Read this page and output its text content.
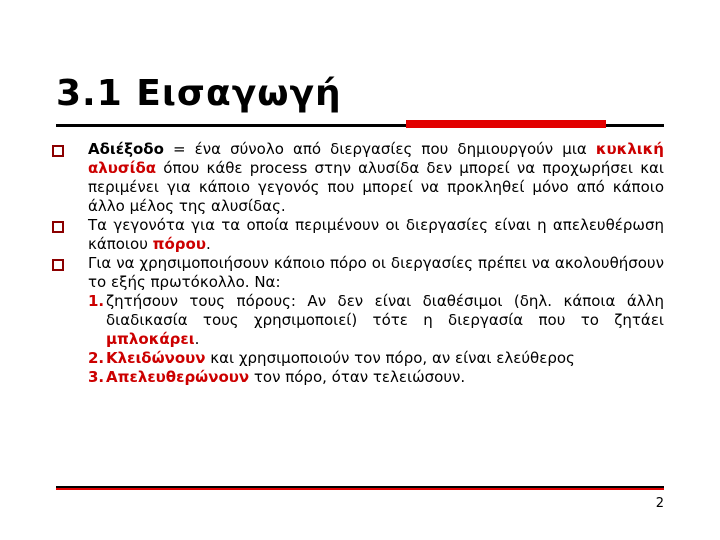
3.1 Εισαγωγή
Αδιέξοδο = ένα σύνολο από διεργασίες που δημιουργούν μια κυκλική αλυσίδα όπου κάθε process στην αλυσίδα δεν μπορεί να προχωρήσει και περιμένει για κάποιο γεγονός που μπορεί να προκληθεί μόνο από κάποιο άλλο μέλος της αλυσίδας.
Τα γεγονότα για τα οποία περιμένουν οι διεργασίες είναι η απελευθέρωση κάποιου πόρου.
Για να χρησιμοποιήσουν κάποιο πόρο οι διεργασίες πρέπει να ακολουθήσουν το εξής πρωτόκολλο. Να:
1. ζητήσουν τους πόρους: Αν δεν είναι διαθέσιμοι (δηλ. κάποια άλλη διαδικασία τους χρησιμοποιεί) τότε η διεργασία που το ζητάει μπλοκάρει.
2. Κλειδώνουν και χρησιμοποιούν τον πόρο, αν είναι ελεύθερος
3. Απελευθερώνουν τον πόρο, όταν τελειώσουν.
2
